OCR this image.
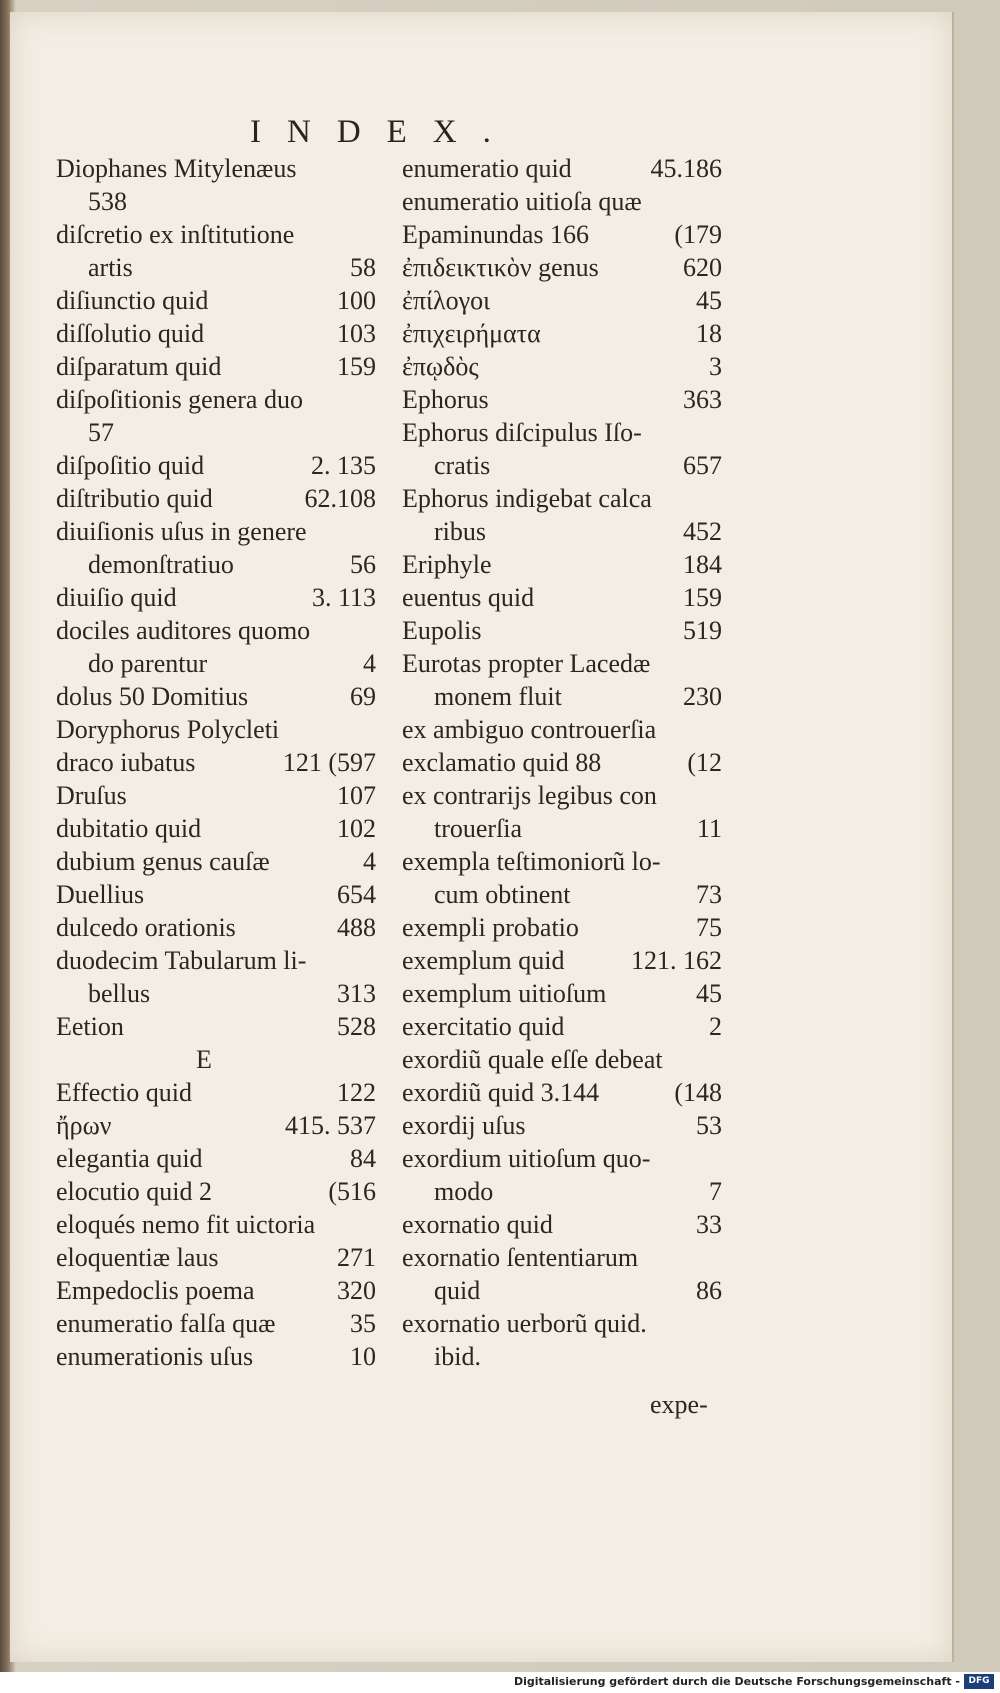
INDEX.
Diophanes Mitylenæus
538
diſcretio ex inſtitutione
artis	58
diſiunctio quid	100
diſſolutio quid	103
diſparatum quid	159
diſpoſitionis genera duo
57
diſpoſitio quid	2. 135
diſtributio quid	62.108
diuiſionis uſus in genere
demonſtratiuo	56
diuiſio quid	3. 113
dociles auditores quomo
do parentur	4
dolus 50 Domitius	69
Doryphorus Polycleti
draco iubatus	121 (597
Druſus	107
dubitatio quid	102
dubium genus cauſæ	4
Duellius	654
dulcedo orationis	488
duodecim Tabularum li-
bellus	313
Eetion	528
E
Effectio quid	122
ἤρων	415. 537
elegantia quid	84
elocutio quid 2	(516
eloqués nemo fit uictoria
eloquentiæ laus	271
Empedoclis poema	320
enumeratio falſa quæ	35
enumerationis uſus	10
enumeratio quid	45.186
enumeratio uitioſa quæ
Epaminundas 166	(179
ἐπιδεικτικὸν genus	620
ἐπίλογοι	45
ἐπιχειρήματα	18
ἐπῳδὸς	3
Ephorus	363
Ephorus diſcipulus Iſo-
cratis	657
Ephorus indigebat calca
ribus	452
Eriphyle	184
euentus quid	159
Eupolis	519
Eurotas propter Lacedæ
monem fluit	230
ex ambiguo controuerſia
exclamatio quid 88	(12
ex contrarijs legibus con
trouerſia	11
exempla teſtimoniorũ lo-
cum obtinent	73
exempli probatio	75
exemplum quid	121. 162
exemplum uitioſum	45
exercitatio quid	2
exordiũ quale eſſe debeat
exordiũ quid 3.144	(148
exordij uſus	53
exordium uitioſum quo-
modo	7
exornatio quid	33
exornatio ſententiarum
quid	86
exornatio uerborũ quid.
ibid.
expe-
Digitalisierung gefördert durch die Deutsche Forschungsgemeinschaft - DFG
